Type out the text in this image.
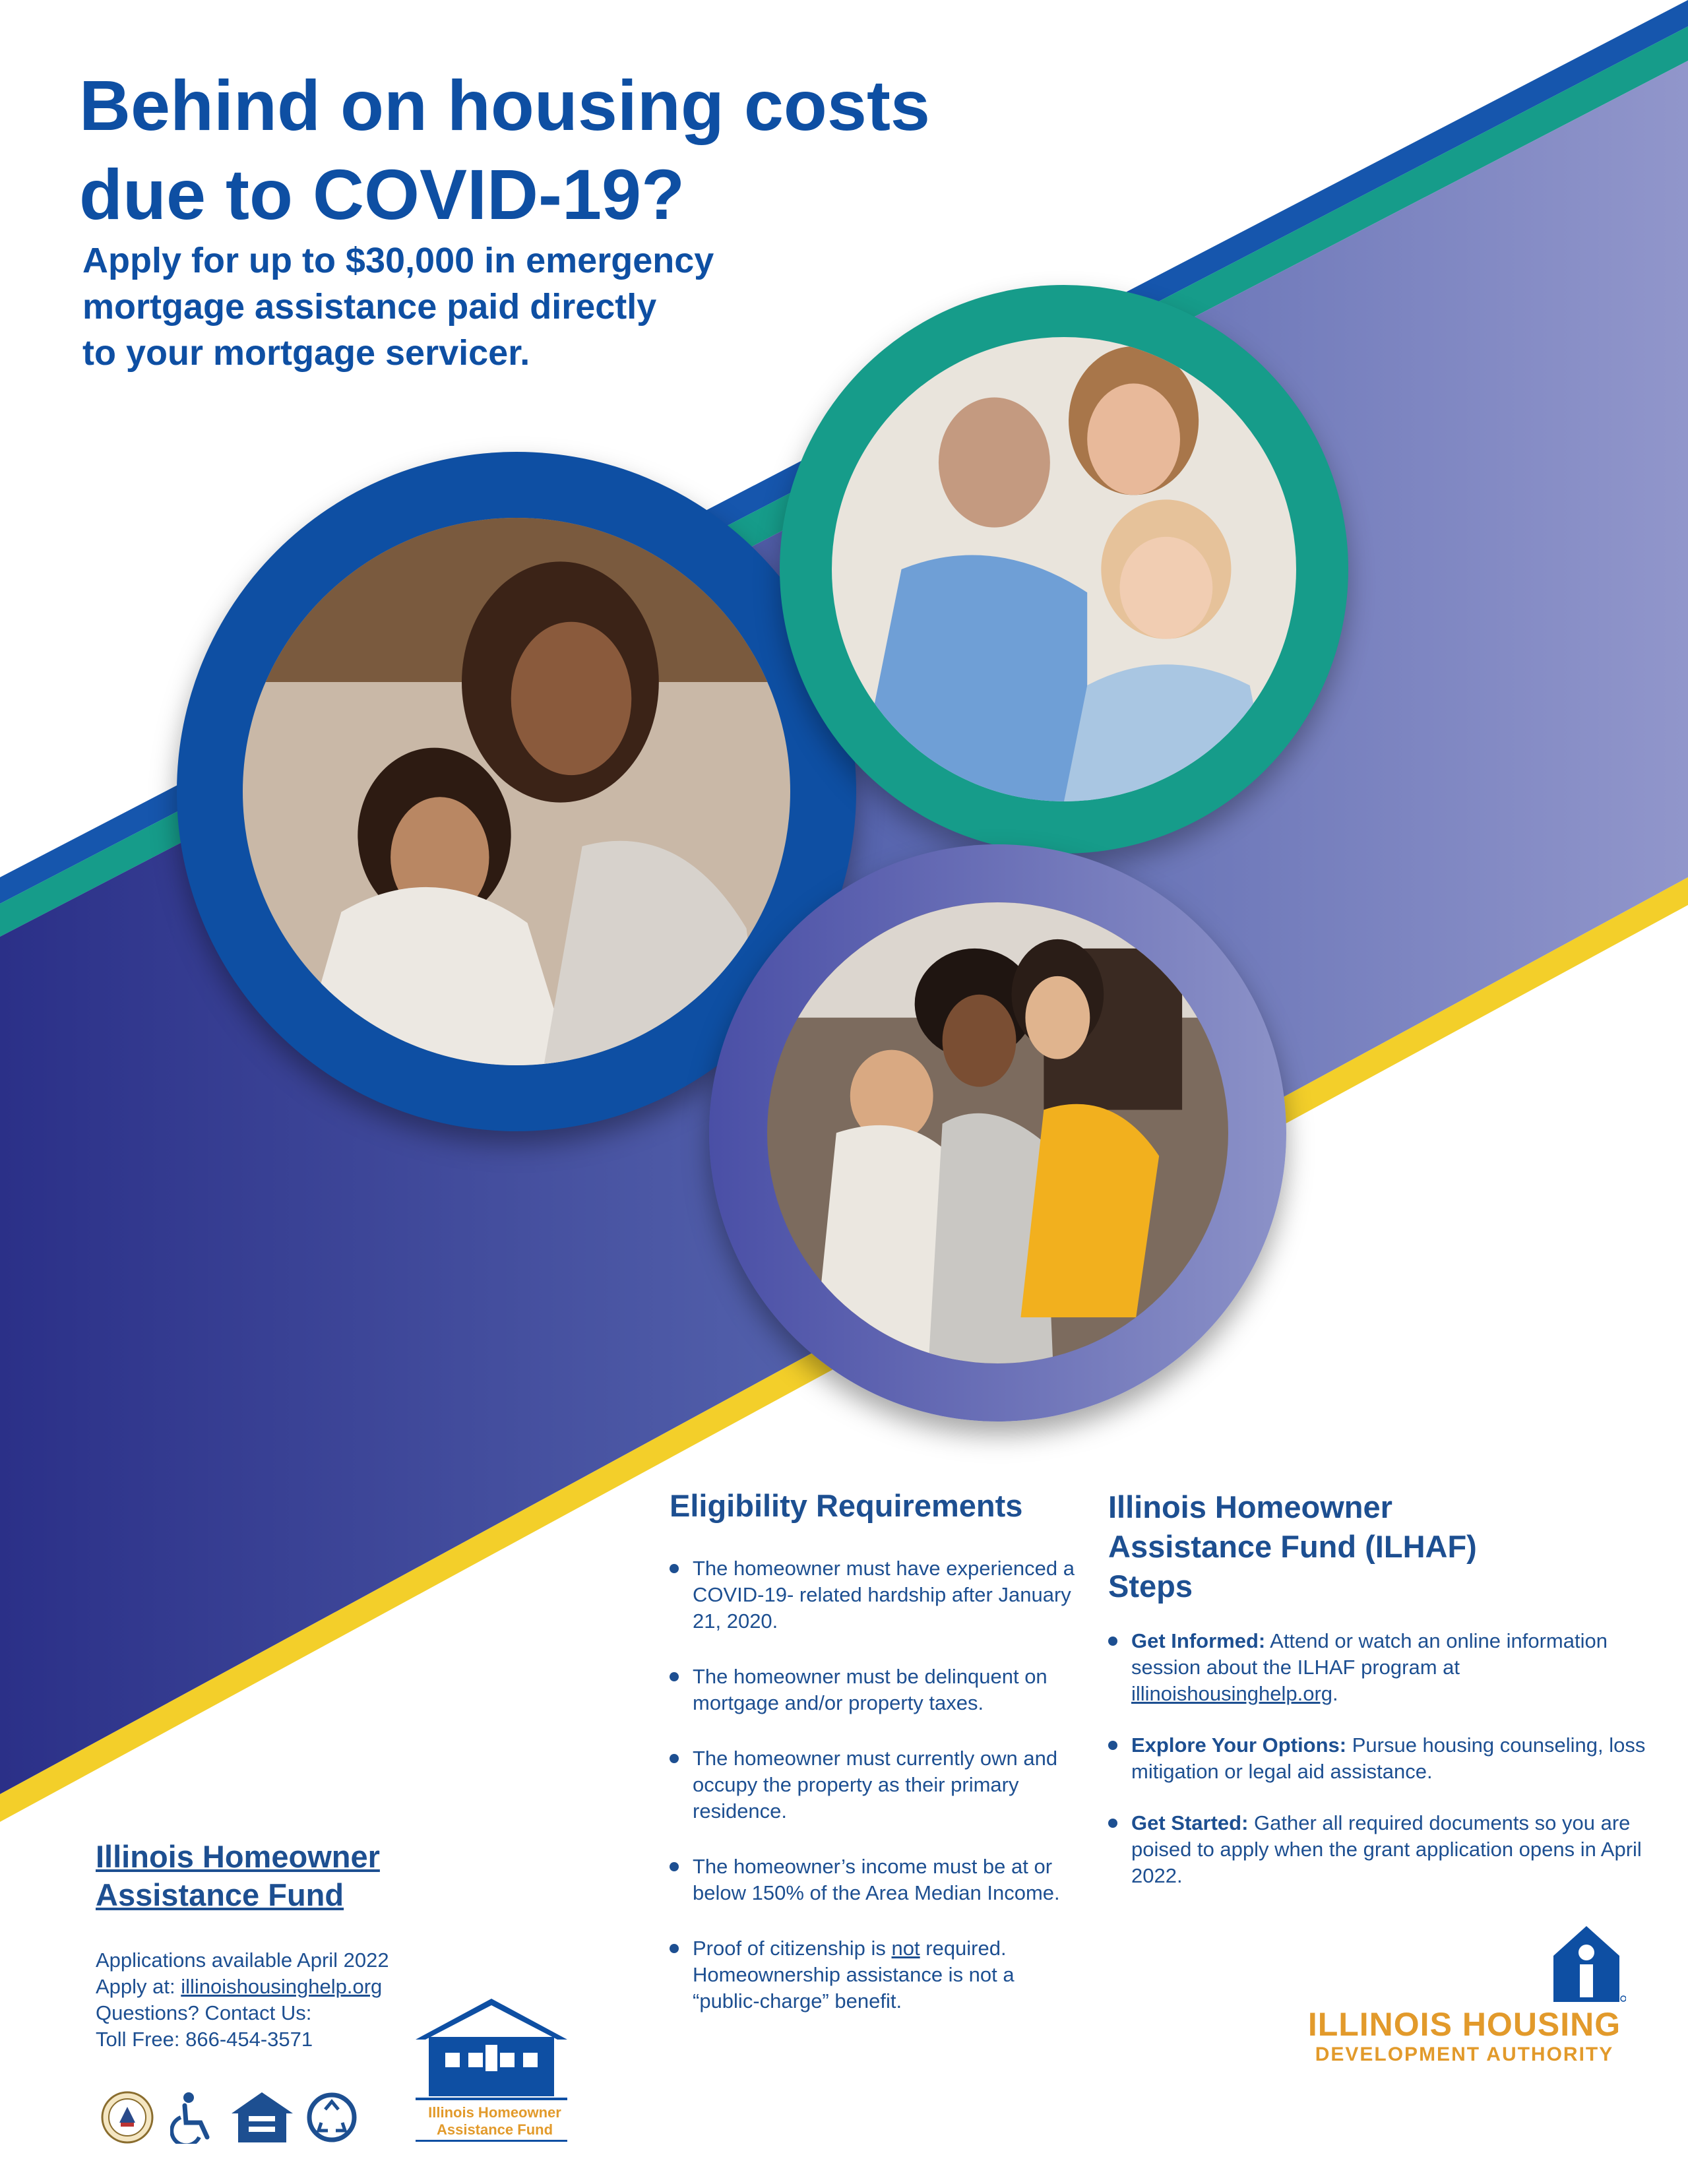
Behind on housing costs
due to COVID-19?
Apply for up to $30,000 in emergency
mortgage assistance paid directly
to your mortgage servicer.
Eligibility Requirements
The homeowner must have experienced a COVID-19- related hardship after January 21, 2020.
The homeowner must be delinquent on mortgage and/or property taxes.
The homeowner must currently own and occupy the property as their primary residence.
The homeowner’s income must be at or below 150% of the Area Median Income.
Proof of citizenship is not required. Homeownership assistance is not a “public-charge” benefit.
Illinois Homeowner
Assistance Fund (ILHAF)
Steps
Get Informed: Attend or watch an online information session about the ILHAF program at illinoishousinghelp.org.
Explore Your Options: Pursue housing counseling, loss mitigation or legal aid assistance.
Get Started: Gather all required documents so you are poised to apply when the grant application opens in April 2022.
Illinois Homeowner
Assistance Fund
Applications available April 2022
Apply at: illinoishousinghelp.org
Questions? Contact Us:
Toll Free: 866-454-3571
Illinois Homeowner
Assistance Fund
ILLINOIS HOUSING
DEVELOPMENT AUTHORITY
